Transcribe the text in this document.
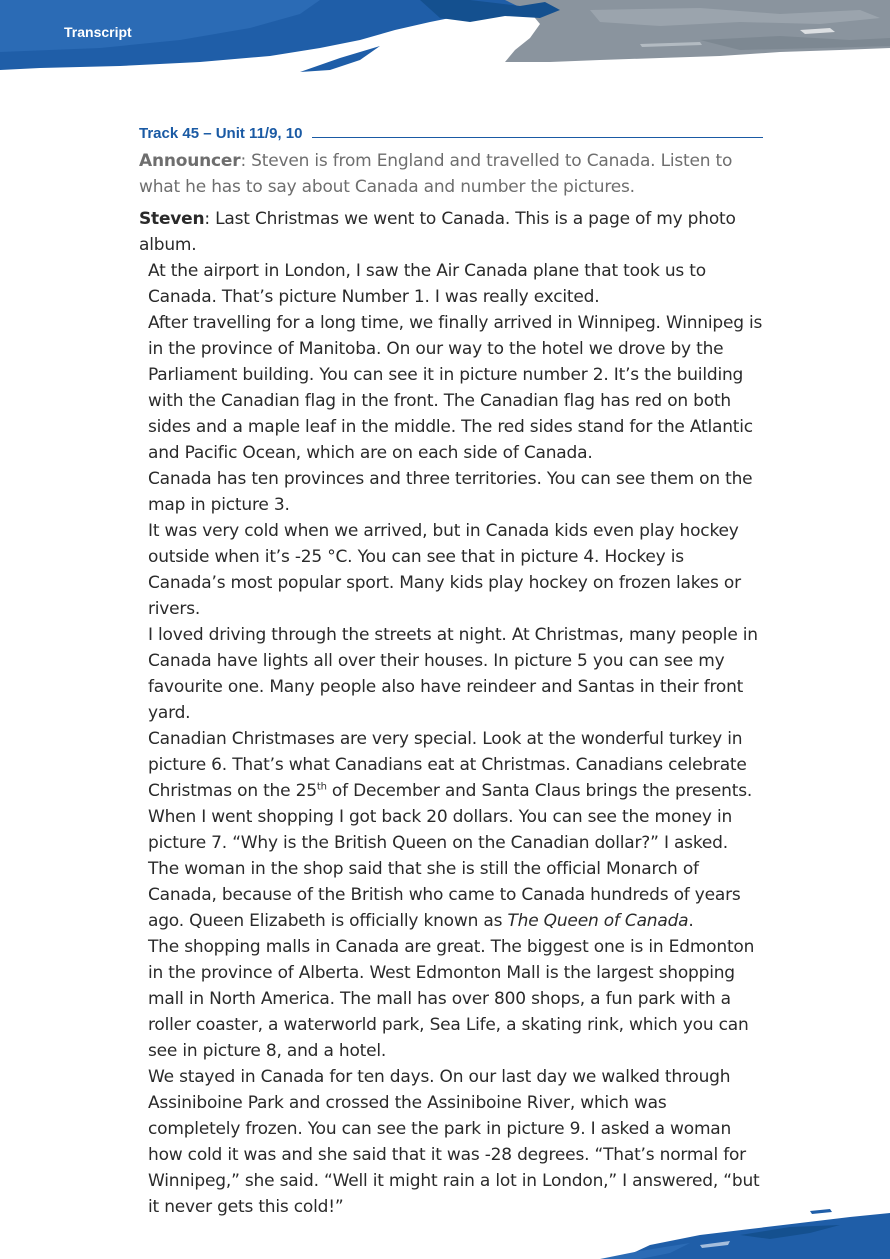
Transcript
Track 45 – Unit 11/9, 10
Announcer: Steven is from England and travelled to Canada. Listen to what he has to say about Canada and number the pictures.
Steven: Last Christmas we went to Canada. This is a page of my photo album.
At the airport in London, I saw the Air Canada plane that took us to Canada. That’s picture Number 1. I was really excited.
After travelling for a long time, we finally arrived in Winnipeg. Winnipeg is in the province of Manitoba. On our way to the hotel we drove by the Parliament building. You can see it in picture number 2. It’s the building with the Canadian flag in the front. The Canadian flag has red on both sides and a maple leaf in the middle. The red sides stand for the Atlantic and Pacific Ocean, which are on each side of Canada.
Canada has ten provinces and three territories. You can see them on the map in picture 3.
It was very cold when we arrived, but in Canada kids even play hockey outside when it’s -25 °C. You can see that in picture 4. Hockey is Canada’s most popular sport. Many kids play hockey on frozen lakes or rivers.
I loved driving through the streets at night. At Christmas, many people in Canada have lights all over their houses. In picture 5 you can see my favourite one. Many people also have reindeer and Santas in their front yard.
Canadian Christmases are very special. Look at the wonderful turkey in picture 6. That’s what Canadians eat at Christmas. Canadians celebrate Christmas on the 25th of December and Santa Claus brings the presents.
When I went shopping I got back 20 dollars. You can see the money in picture 7. “Why is the British Queen on the Canadian dollar?” I asked. The woman in the shop said that she is still the official Monarch of Canada, because of the British who came to Canada hundreds of years ago. Queen Elizabeth is officially known as The Queen of Canada.
The shopping malls in Canada are great. The biggest one is in Edmonton in the province of Alberta. West Edmonton Mall is the largest shopping mall in North America. The mall has over 800 shops, a fun park with a roller coaster, a waterworld park, Sea Life, a skating rink, which you can see in picture 8, and a hotel.
We stayed in Canada for ten days. On our last day we walked through Assiniboine Park and crossed the Assiniboine River, which was completely frozen. You can see the park in picture 9. I asked a woman how cold it was and she said that it was -28 degrees. “That’s normal for Winnipeg,” she said. “Well it might rain a lot in London,” I answered, “but it never gets this cold!”
